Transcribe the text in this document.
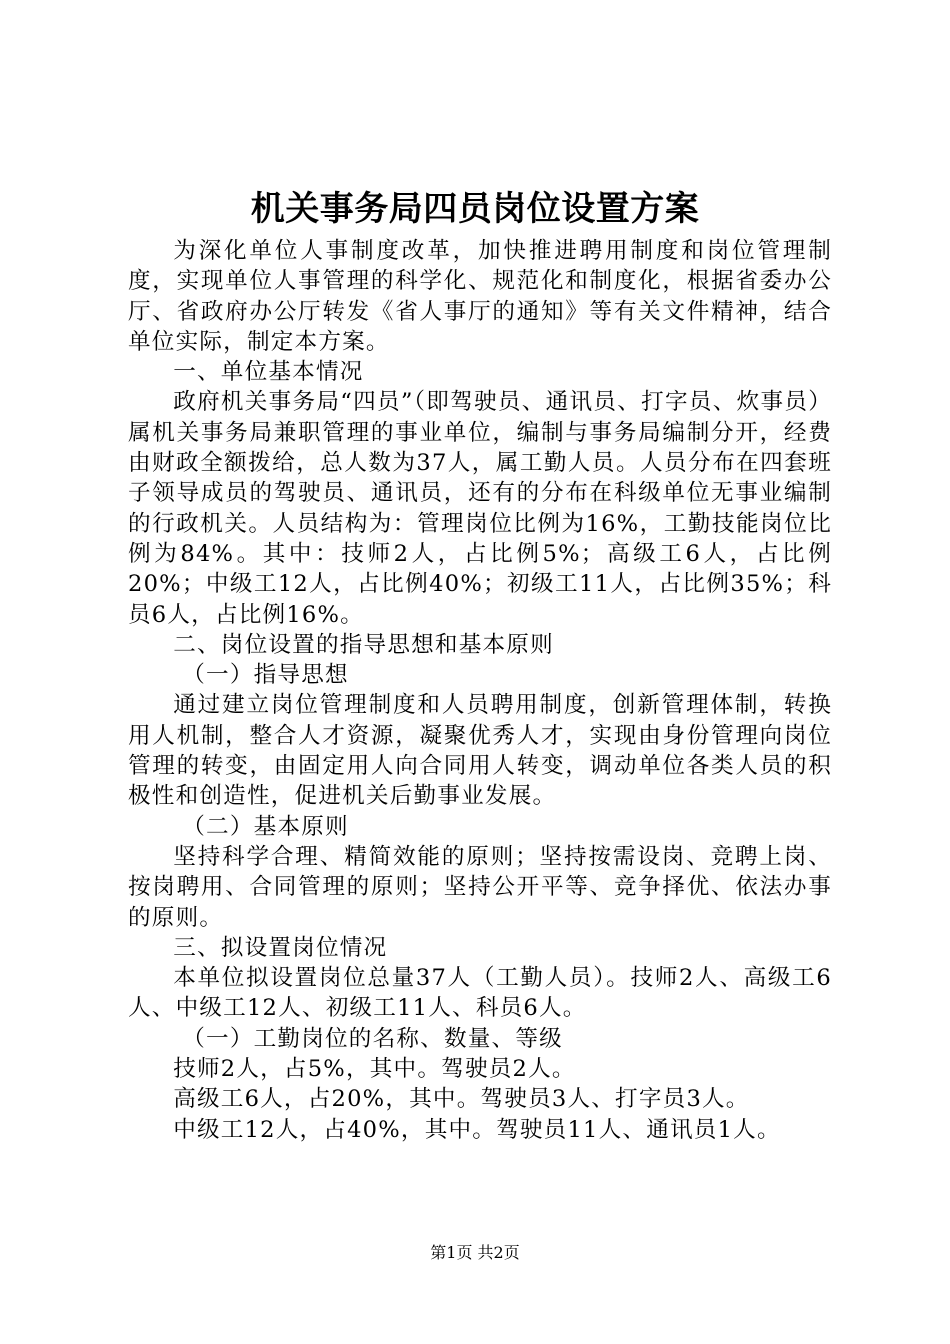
机关事务局四员岗位设置方案

为深化单位人事制度改革，加快推进聘用制度和岗位管理制度，实现单位人事管理的科学化、规范化和制度化，根据省委办公厅、省政府办公厅转发《省人事厅的通知》等有关文件精神，结合单位实际，制定本方案。

一、单位基本情况

政府机关事务局“四员”（即驾驶员、通讯员、打字员、炊事员）属机关事务局兼职管理的事业单位，编制与事务局编制分开，经费由财政全额拨给，总人数为37人，属工勤人员。人员分布在四套班子领导成员的驾驶员、通讯员，还有的分布在科级单位无事业编制的行政机关。人员结构为：管理岗位比例为16%，工勤技能岗位比例为84%。其中：技师2人，占比例5%；高级工6人，占比例20%；中级工12人，占比例40%；初级工11人，占比例35%；科员6人，占比例16%。

二、岗位设置的指导思想和基本原则

（一）指导思想

通过建立岗位管理制度和人员聘用制度，创新管理体制，转换用人机制，整合人才资源，凝聚优秀人才，实现由身份管理向岗位管理的转变，由固定用人向合同用人转变，调动单位各类人员的积极性和创造性，促进机关后勤事业发展。

（二）基本原则

坚持科学合理、精简效能的原则；坚持按需设岗、竞聘上岗、按岗聘用、合同管理的原则；坚持公开平等、竞争择优、依法办事的原则。

三、拟设置岗位情况

本单位拟设置岗位总量37人（工勤人员）。技师2人、高级工6人、中级工12人、初级工11人、科员6人。

（一）工勤岗位的名称、数量、等级

技师2人，占5%，其中。驾驶员2人。

高级工6人，占20%，其中。驾驶员3人、打字员3人。

中级工12人，占40%，其中。驾驶员11人、通讯员1人。

第1页 共2页
